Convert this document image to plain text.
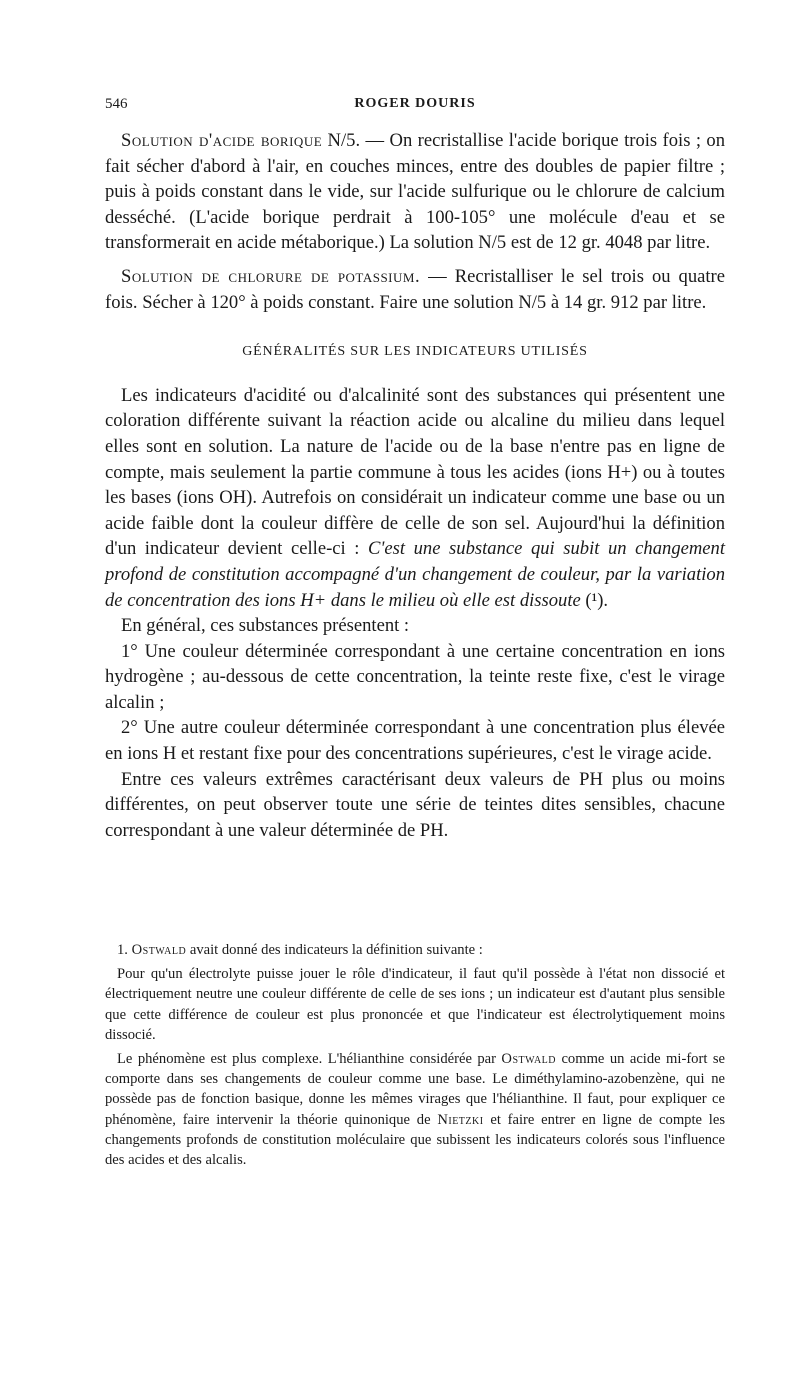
546	ROGER DOURIS

Solution d'acide borique N/5. — On recristallise l'acide borique trois fois ; on fait sécher d'abord à l'air, en couches minces, entre des doubles de papier filtre ; puis à poids constant dans le vide, sur l'acide sulfurique ou le chlorure de calcium desséché. (L'acide borique perdrait à 100-105° une molécule d'eau et se transformerait en acide métaborique.) La solution N/5 est de 12 gr. 4048 par litre.

Solution de chlorure de potassium. — Recristalliser le sel trois ou quatre fois. Sécher à 120° à poids constant. Faire une solution N/5 à 14 gr. 912 par litre.

GÉNÉRALITÉS SUR LES INDICATEURS UTILISÉS

Les indicateurs d'acidité ou d'alcalinité sont des substances qui présentent une coloration différente suivant la réaction acide ou alcaline du milieu dans lequel elles sont en solution. La nature de l'acide ou de la base n'entre pas en ligne de compte, mais seulement la partie commune à tous les acides (ions H+) ou à toutes les bases (ions OH). Autrefois on considérait un indicateur comme une base ou un acide faible dont la couleur diffère de celle de son sel. Aujourd'hui la définition d'un indicateur devient celle-ci : C'est une substance qui subit un changement profond de constitution accompagné d'un changement de couleur, par la variation de concentration des ions H+ dans le milieu où elle est dissoute (¹).

En général, ces substances présentent :

1° Une couleur déterminée correspondant à une certaine concentration en ions hydrogène ; au-dessous de cette concentration, la teinte reste fixe, c'est le virage alcalin ;

2° Une autre couleur déterminée correspondant à une concentration plus élevée en ions H et restant fixe pour des concentrations supérieures, c'est le virage acide.

Entre ces valeurs extrêmes caractérisant deux valeurs de PH plus ou moins différentes, on peut observer toute une série de teintes dites sensibles, chacune correspondant à une valeur déterminée de PH.

1. Ostwald avait donné des indicateurs la définition suivante :

Pour qu'un électrolyte puisse jouer le rôle d'indicateur, il faut qu'il possède à l'état non dissocié et électriquement neutre une couleur différente de celle de ses ions ; un indicateur est d'autant plus sensible que cette différence de couleur est plus prononcée et que l'indicateur est électrolytiquement moins dissocié.

Le phénomène est plus complexe. L'hélianthine considérée par Ostwald comme un acide mi-fort se comporte dans ses changements de couleur comme une base. Le diméthylamino-azobenzène, qui ne possède pas de fonction basique, donne les mêmes virages que l'hélianthine. Il faut, pour expliquer ce phénomène, faire intervenir la théorie quinonique de Nietzki et faire entrer en ligne de compte les changements profonds de constitution moléculaire que subissent les indicateurs colorés sous l'influence des acides et des alcalis.
